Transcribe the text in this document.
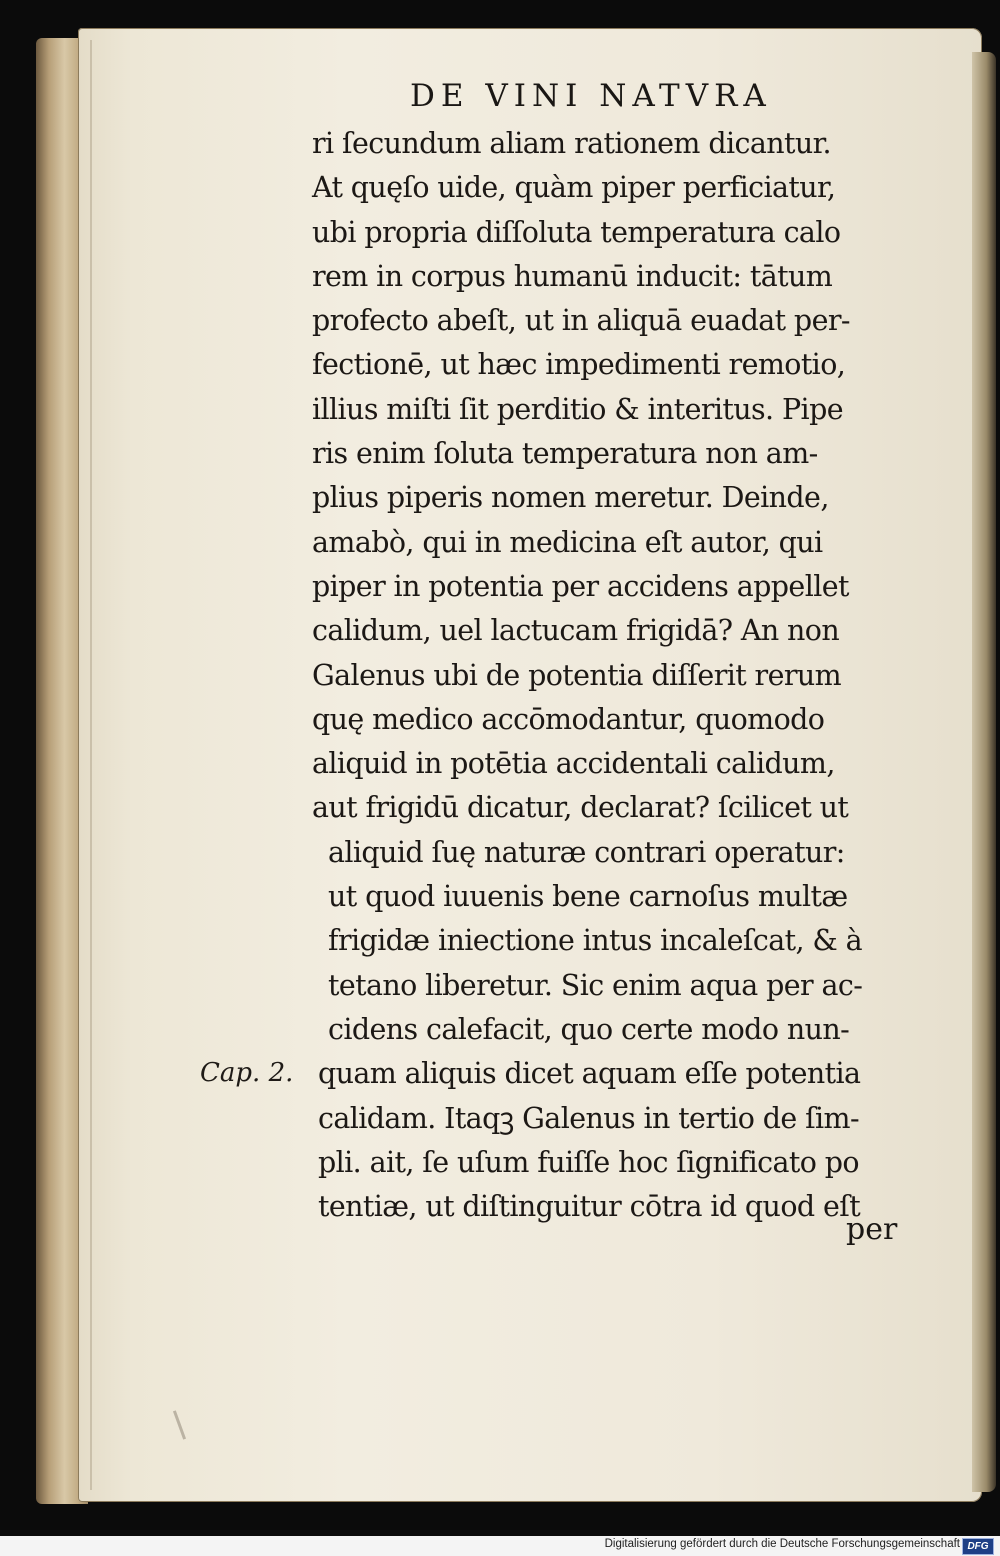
DE VINI NATVRA
ri ſecundum aliam rationem dicantur.
At quęſo uide, quàm piper perficiatur,
ubi propria diſſoluta temperatura calo
rem in corpus humanū inducit: tātum
profecto abeſt, ut in aliquā euadat per-
fectionē, ut hæc impedimenti remotio,
illius miſti ſit perditio & interitus. Pipe
ris enim ſoluta temperatura non am-
plius piperis nomen meretur. Deinde,
amabò, qui in medicina eſt autor, qui
piper in potentia per accidens appellet
calidum, uel lactucam frigidā? An non
Galenus ubi de potentia diſſerit rerum
quę medico accōmodantur, quomodo
aliquid in potētia accidentali calidum,
aut frigidū dicatur, declarat? ſcilicet ut
aliquid ſuę naturæ contrari operatur:
ut quod iuuenis bene carnoſus multæ
frigidæ iniectione intus incaleſcat, & à
tetano liberetur. Sic enim aqua per ac-
cidens calefacit, quo certe modo nun-
quam aliquis dicet aquam eſſe potentia
calidam. Itaqꝫ Galenus in tertio de ſim-
pli. ait, ſe uſum fuiſſe hoc ſignificato po
tentiæ, ut diſtinguitur cōtra id quod eſt
Cap. 2.
per
Digitalisierung gefördert durch die Deutsche Forschungsgemeinschaft DFG
